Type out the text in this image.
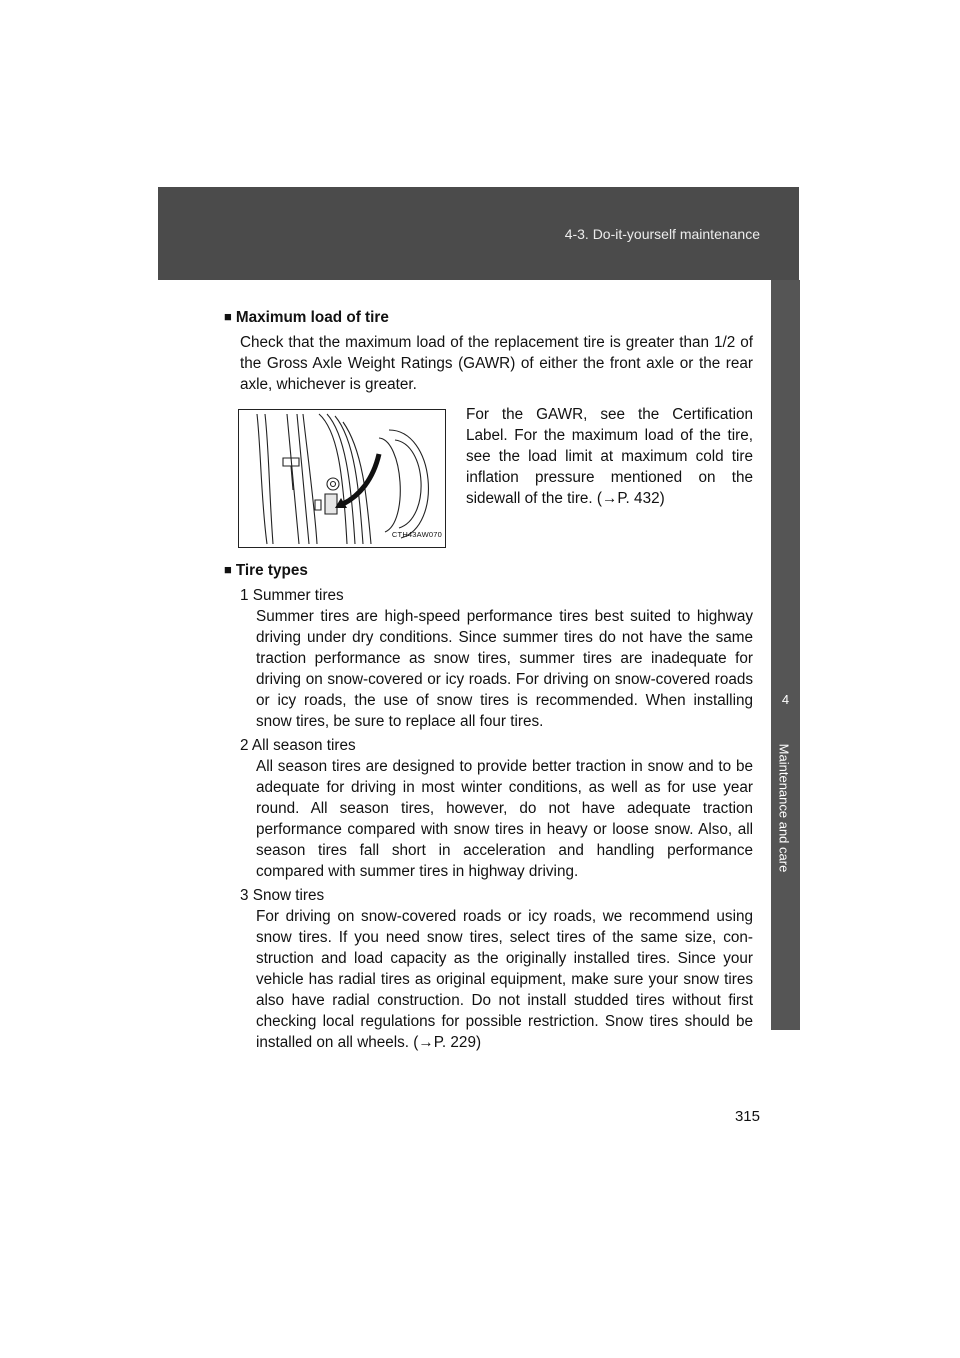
4-3. Do-it-yourself maintenance
4
Maintenance and care
■ Maximum load of tire
Check that the maximum load of the replacement tire is greater than 1/2 of the Gross Axle Weight Ratings (GAWR) of either the front axle or the rear axle, whichever is greater.
CTH43AW070
For the GAWR, see the Certification Label. For the maximum load of the tire, see the load limit at maximum cold tire inflation pressure mentioned on the sidewall of the tire. (→P. 432)
■ Tire types
1 Summer tires
Summer tires are high-speed performance tires best suited to highway driving under dry conditions. Since summer tires do not have the same traction performance as snow tires, summer tires are inadequate for driving on snow-covered or icy roads. For driving on snow-covered roads or icy roads, the use of snow tires is recommended. When installing snow tires, be sure to replace all four tires.
2 All season tires
All season tires are designed to provide better traction in snow and to be adequate for driving in most winter conditions, as well as for use year round. All season tires, however, do not have adequate traction performance compared with snow tires in heavy or loose snow. Also, all season tires fall short in acceleration and handling performance compared with summer tires in highway driving.
3 Snow tires
For driving on snow-covered roads or icy roads, we recommend using snow tires. If you need snow tires, select tires of the same size, con-struction and load capacity as the originally installed tires. Since your vehicle has radial tires as original equipment, make sure your snow tires also have radial construction. Do not install studded tires without first checking local regulations for possible restriction. Snow tires should be installed on all wheels. (→P. 229)
315
